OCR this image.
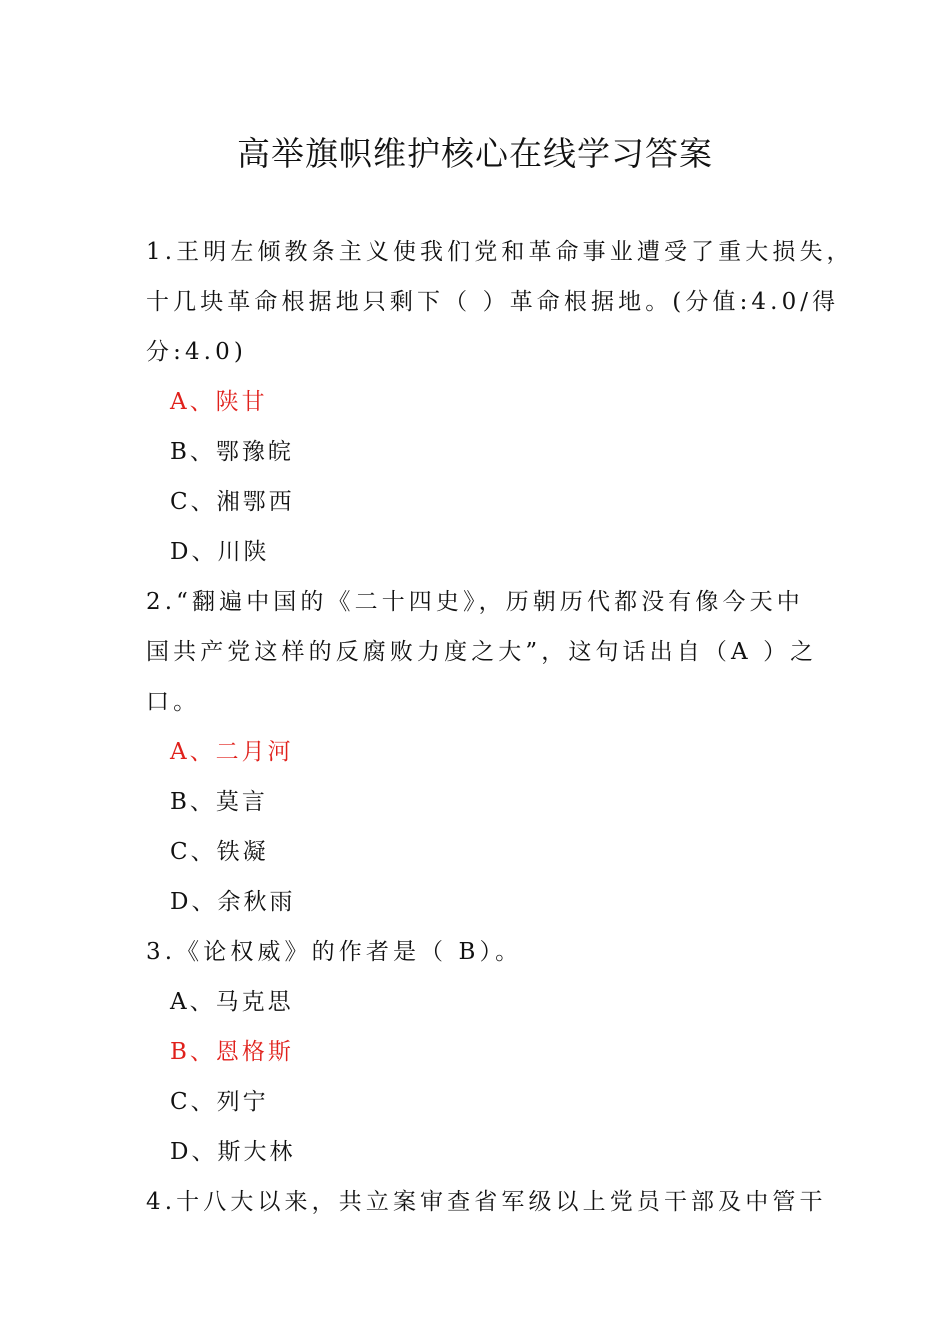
高举旗帜维护核心在线学习答案
1.王明左倾教条主义使我们党和革命事业遭受了重大损失，
十几块革命根据地只剩下（ ）革命根据地。(分值:4.0/得
分:4.0)
A、陕甘
B、鄂豫皖
C、湘鄂西
D、川陕
2.“翻遍中国的《二十四史》，历朝历代都没有像今天中
国共产党这样的反腐败力度之大”，这句话出自（A ）之
口。
A、二月河
B、莫言
C、铁凝
D、余秋雨
3.《论权威》的作者是（ B）。
A、马克思
B、恩格斯
C、列宁
D、斯大林
4.十八大以来，共立案审查省军级以上党员干部及中管干
